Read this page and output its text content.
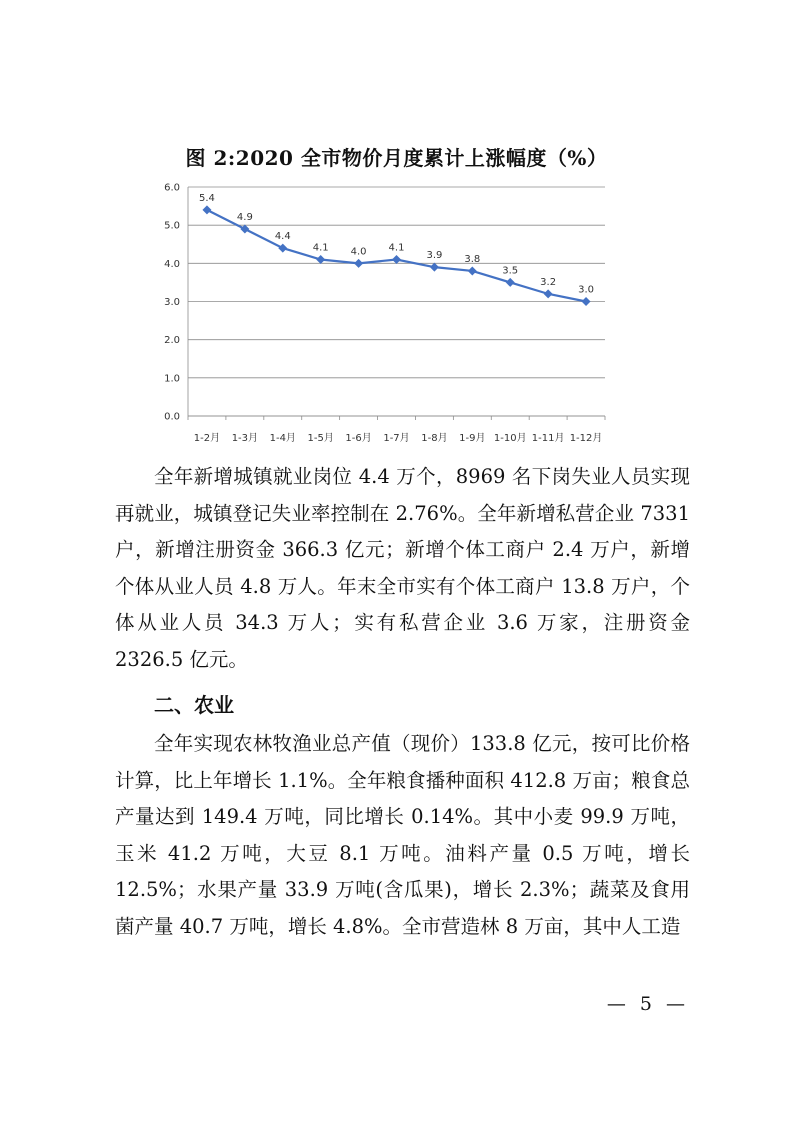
图 2:2020 全市物价月度累计上涨幅度（%）
0.0
1.0
2.0
3.0
4.0
5.0
6.0
1-2月 1-3月 1-4月 1-5月 1-6月 1-7月 1-8月 1-9月 1-10月 1-11月 1-12月
5.4
4.9
4.4
4.1 4.0 4.1
3.9 3.8
3.5
3.2
3.0
全年新增城镇就业岗位 4.4 万个，8969 名下岗失业人员实现再就业，城镇登记失业率控制在 2.76%。全年新增私营企业 7331 户，新增注册资金 366.3 亿元；新增个体工商户 2.4 万户，新增个体从业人员 4.8 万人。年末全市实有个体工商户 13.8 万户，个体从业人员 34.3 万人；实有私营企业 3.6 万家，注册资金 2326.5 亿元。
二、农业
全年实现农林牧渔业总产值（现价）133.8 亿元，按可比价格计算，比上年增长 1.1%。全年粮食播种面积 412.8 万亩；粮食总产量达到 149.4 万吨，同比增长 0.14%。其中小麦 99.9 万吨，玉米 41.2 万吨，大豆 8.1 万吨。油料产量 0.5 万吨，增长 12.5%；水果产量 33.9 万吨(含瓜果)，增长 2.3%；蔬菜及食用菌产量 40.7 万吨，增长 4.8%。全市营造林 8 万亩，其中人工造
— 5 —
